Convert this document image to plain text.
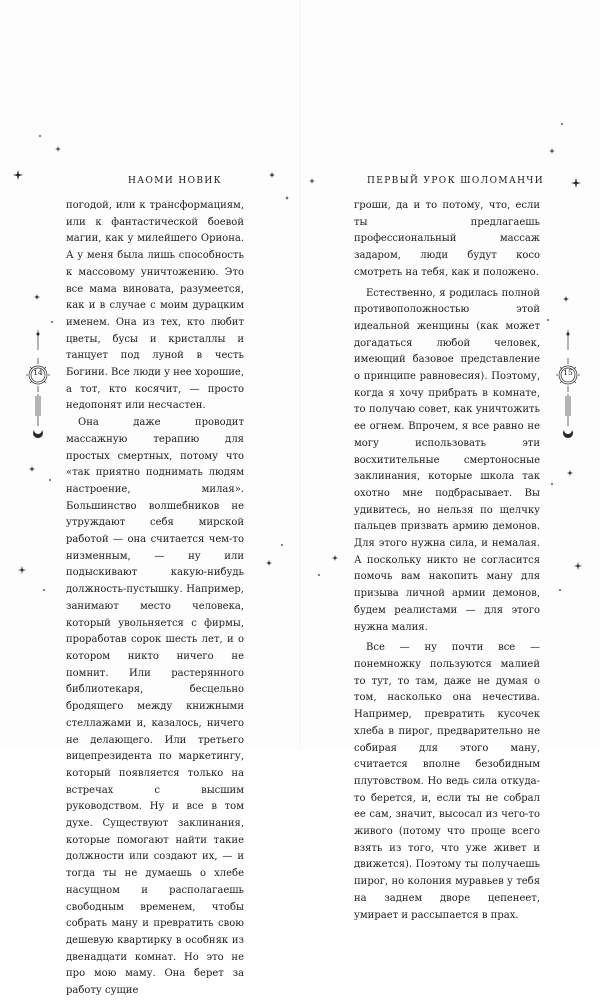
НАОМИ НОВИК

погодой, или к трансформациям, или к фантастической боевой магии, как у милейшего Ориона. А у меня была лишь способность к массовому уничтожению. Это все мама виновата, разумеется, как и в случае с моим дурацким именем. Она из тех, кто любит цветы, бусы и кристаллы и танцует под луной в честь Богини. Все люди у нее хорошие, а тот, кто косячит, — просто недопонят или несчастен.

Она даже проводит массажную терапию для простых смертных, потому что «так приятно поднимать людям настроение, милая». Большинство волшебников не утруждают себя мирской работой — она считается чем-то низменным, — ну или подыскивают какую-нибудь должность-пустышку. Например, занимают место человека, который увольняется с фирмы, проработав сорок шесть лет, и о котором никто ничего не помнит. Или растерянного библиотекаря, бесцельно бродящего между книжными стеллажами и, казалось, ничего не делающего. Или третьего вицепрезидента по маркетингу, который появляется только на встречах с высшим руководством. Ну и все в том духе. Существуют заклинания, которые помогают найти такие должности или создают их, — и тогда ты не думаешь о хлебе насущном и располагаешь свободным временем, чтобы собрать ману и превратить свою дешевую квартирку в особняк из двенадцати комнат. Но это не про мою маму. Она берет за работу сущие

14
ПЕРВЫЙ УРОК ШОЛОМАНЧИ

гроши, да и то потому, что, если ты предлагаешь профессиональный массаж задаром, люди будут косо смотреть на тебя, как и положено.

Естественно, я родилась полной противоположностью этой идеальной женщины (как может догадаться любой человек, имеющий базовое представление о принципе равновесия). Поэтому, когда я хочу прибрать в комнате, то получаю совет, как уничтожить ее огнем. Впрочем, я все равно не могу использовать эти восхитительные смертоносные заклинания, которые школа так охотно мне подбрасывает. Вы удивитесь, но нельзя по щелчку пальцев призвать армию демонов. Для этого нужна сила, и немалая. А поскольку никто не согласится помочь вам накопить ману для призыва личной армии демонов, будем реалистами — для этого нужна малия.

Все — ну почти все — понемножку пользуются малией то тут, то там, даже не думая о том, насколько она нечестива. Например, превратить кусочек хлеба в пирог, предварительно не собирая для этого ману, считается вполне безобидным плутовством. Но ведь сила откуда-то берется, и, если ты не собрал ее сам, значит, высосал из чего-то живого (потому что проще всего взять из того, что уже живет и движется). Поэтому ты получаешь пирог, но колония муравьев у тебя на заднем дворе цепенеет, умирает и рассыпается в прах.

15
